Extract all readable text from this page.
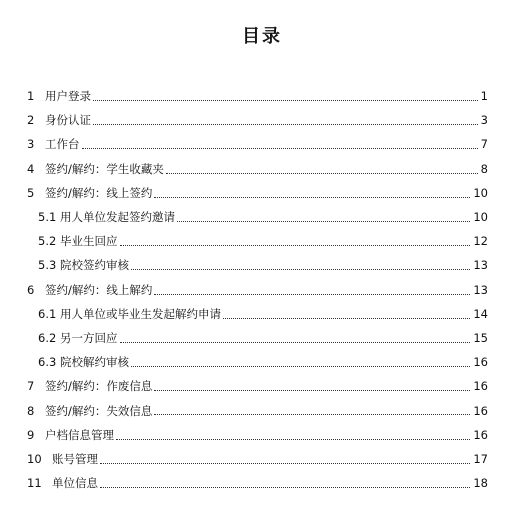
目录
1 用户登录	1
2 身份认证	3
3 工作台	7
4 签约/解约：学生收藏夹	8
5 签约/解约：线上签约	10
5.1 用人单位发起签约邀请	10
5.2 毕业生回应	12
5.3 院校签约审核	13
6 签约/解约：线上解约	13
6.1 用人单位或毕业生发起解约申请	14
6.2 另一方回应	15
6.3 院校解约审核	16
7 签约/解约：作废信息	16
8 签约/解约：失效信息	16
9 户档信息管理	16
10 账号管理	17
11 单位信息	18
